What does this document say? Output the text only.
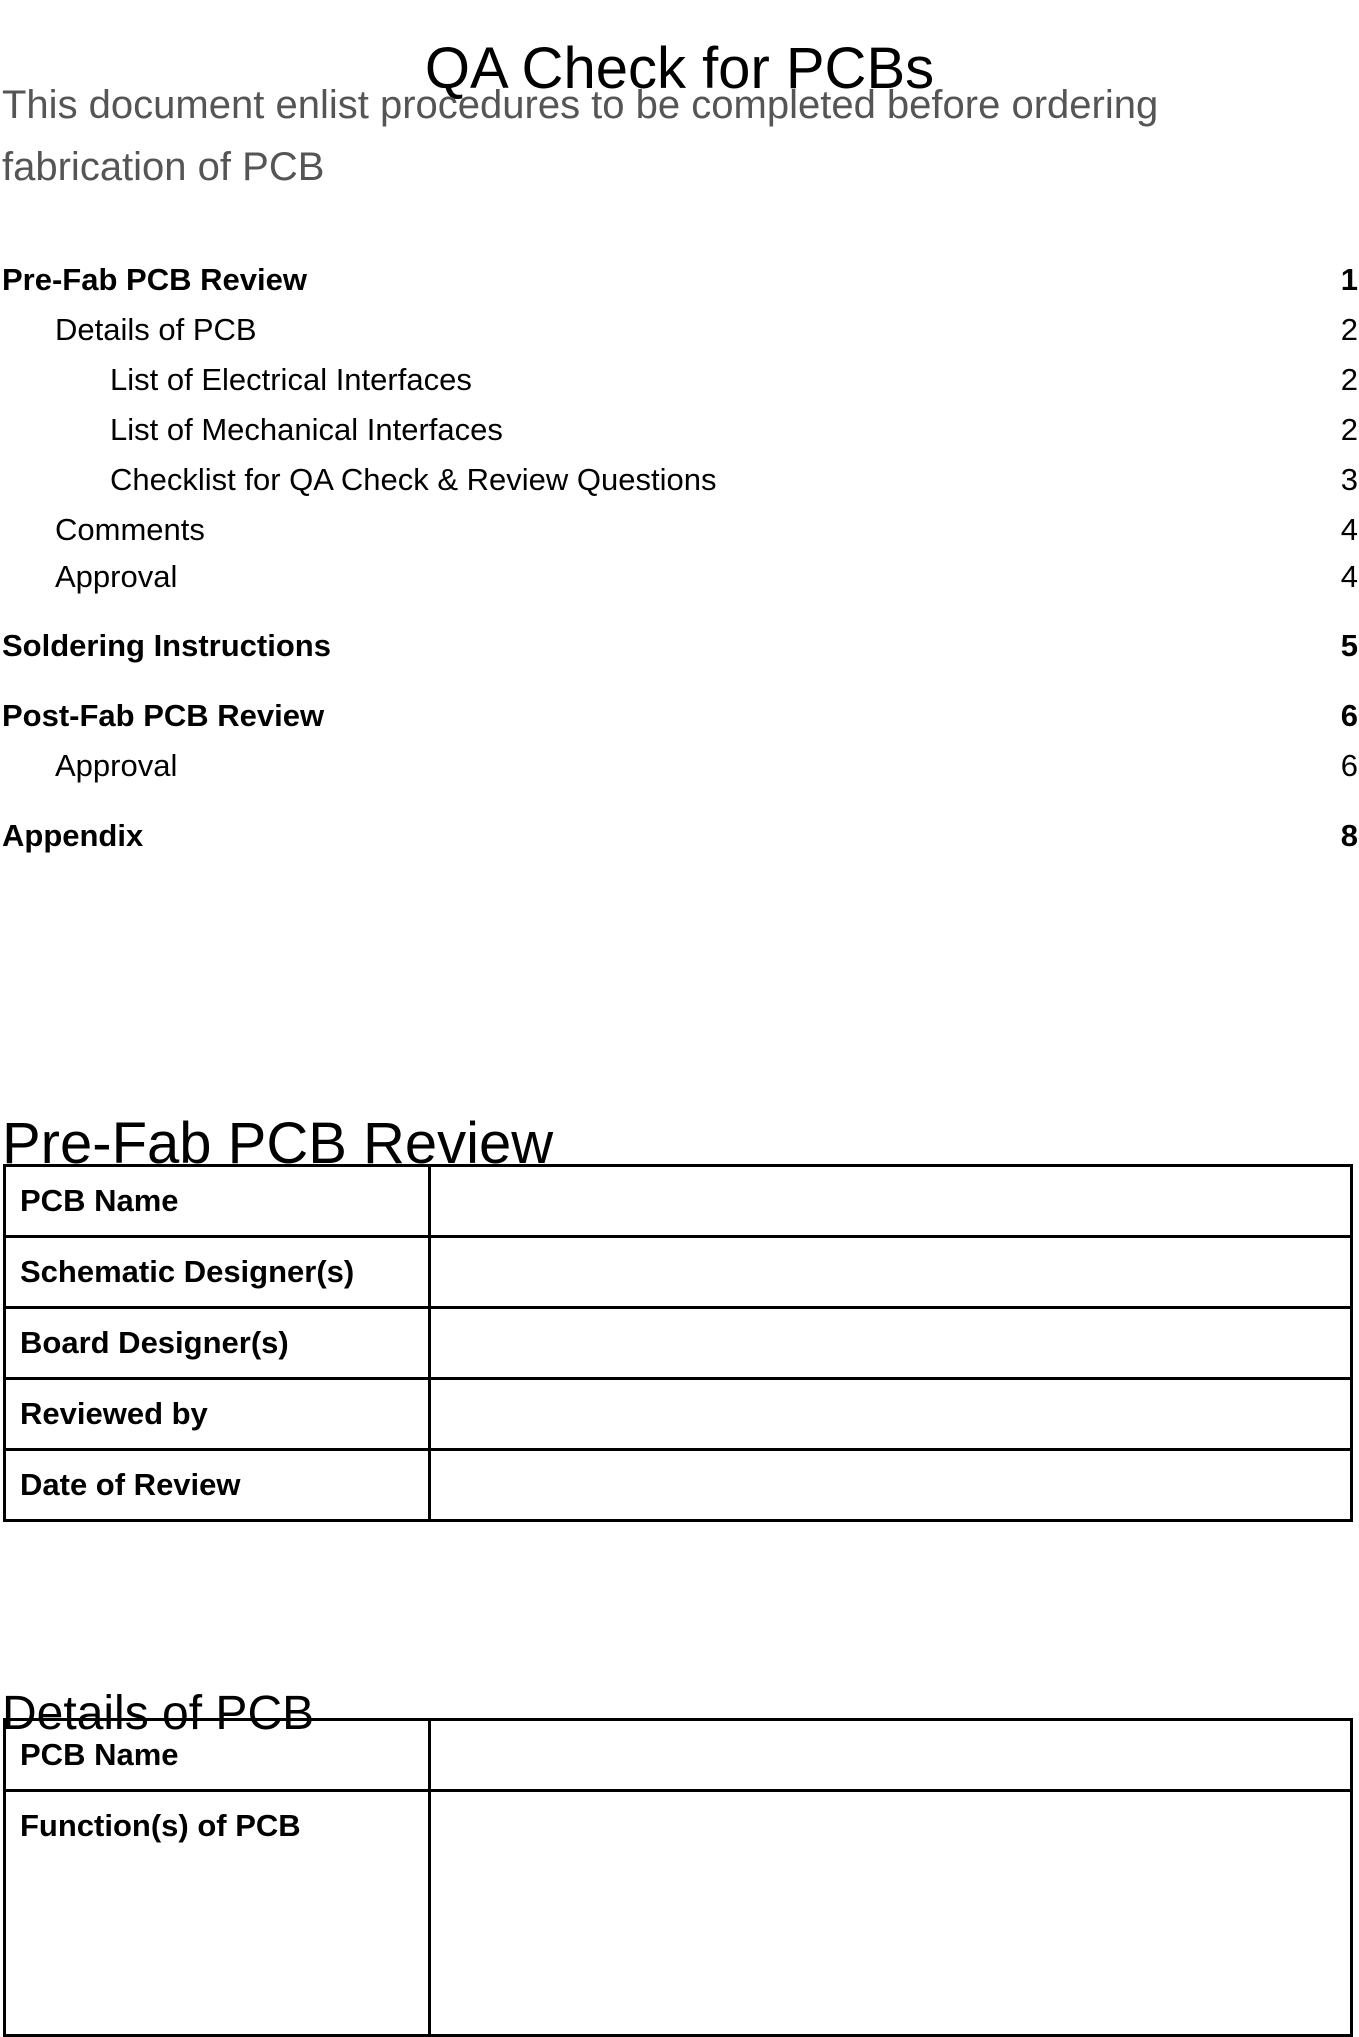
QA Check for PCBs
This document enlist procedures to be completed before ordering fabrication of PCB
Pre-Fab PCB Review	1
Details of PCB	2
List of Electrical Interfaces	2
List of Mechanical Interfaces	2
Checklist for QA Check & Review Questions	3
Comments	4
Approval	4
Soldering Instructions	5
Post-Fab PCB Review	6
Approval	6
Appendix	8
Pre-Fab PCB Review
PCB Name	
Schematic Designer(s)	
Board Designer(s)	
Reviewed by	
Date of Review	
Details of PCB
PCB Name	
Function(s) of PCB	
